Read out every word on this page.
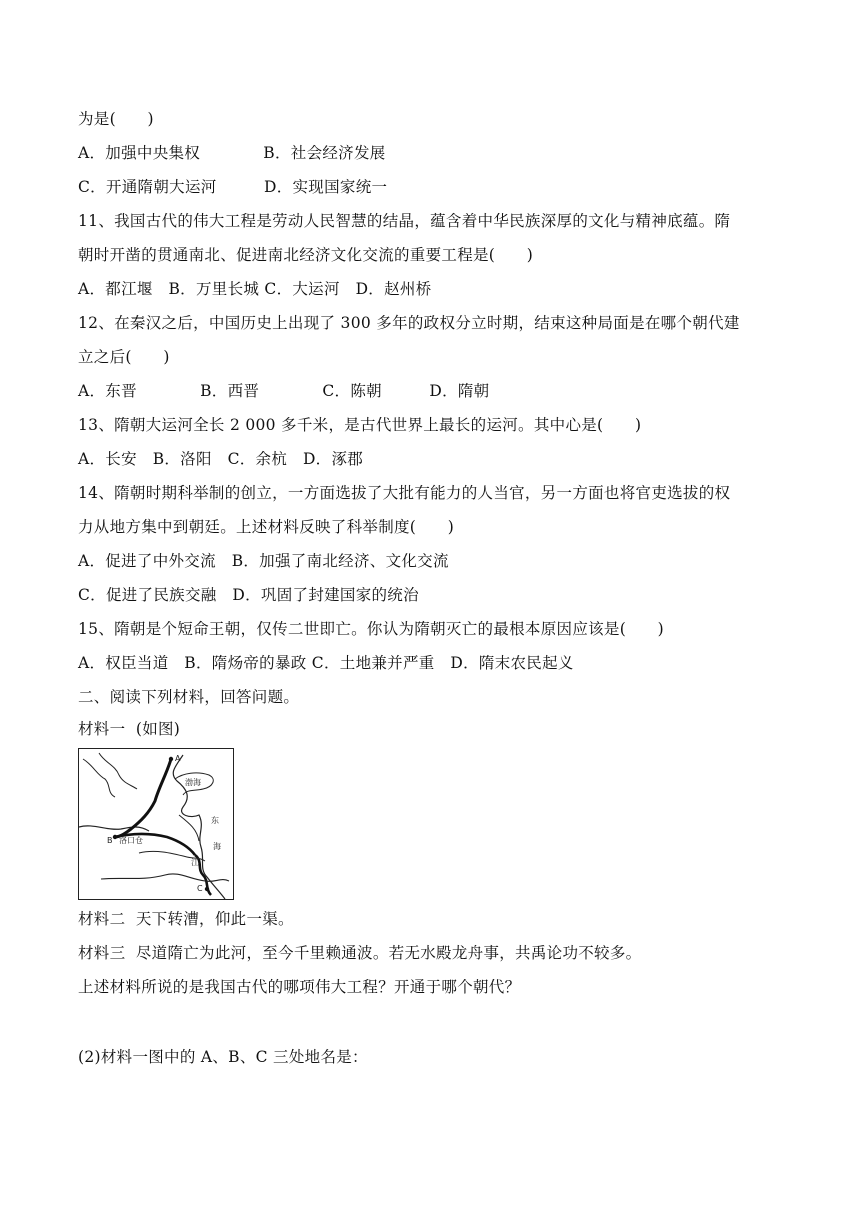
为是(　　)
A．加强中央集权　　　　B．社会经济发展
C．开通隋朝大运河　　　D．实现国家统一
11、我国古代的伟大工程是劳动人民智慧的结晶，蕴含着中华民族深厚的文化与精神底蕴。隋
朝时开凿的贯通南北、促进南北经济文化交流的重要工程是(　　)
A．都江堰　B．万里长城 C．大运河　D．赵州桥
12、在秦汉之后，中国历史上出现了 300 多年的政权分立时期，结束这种局面是在哪个朝代建
立之后(　　)
A．东晋　　　　B．西晋　　　　C．陈朝　　　D．隋朝
13、隋朝大运河全长 2 000 多千米，是古代世界上最长的运河。其中心是(　　)
A．长安　B．洛阳　C．余杭　D．涿郡
14、隋朝时期科举制的创立，一方面选拔了大批有能力的人当官，另一方面也将官吏选拔的权
力从地方集中到朝廷。上述材料反映了科举制度(　　)
A．促进了中外交流　B．加强了南北经济、文化交流
C．促进了民族交融　D．巩固了封建国家的统治
15、隋朝是个短命王朝，仅传二世即亡。你认为隋朝灭亡的最根本原因应该是(　　)
A．权臣当道　B．隋炀帝的暴政 C．土地兼并严重　D．隋末农民起义
二、阅读下列材料，回答问题。
材料一  (如图)
A
B
C
渤海
东
海
洛口仓
江
材料二  天下转漕，仰此一渠。
材料三  尽道隋亡为此河，至今千里赖通波。若无水殿龙舟事，共禹论功不较多。
上述材料所说的是我国古代的哪项伟大工程？开通于哪个朝代？
(2)材料一图中的 A、B、C 三处地名是：
